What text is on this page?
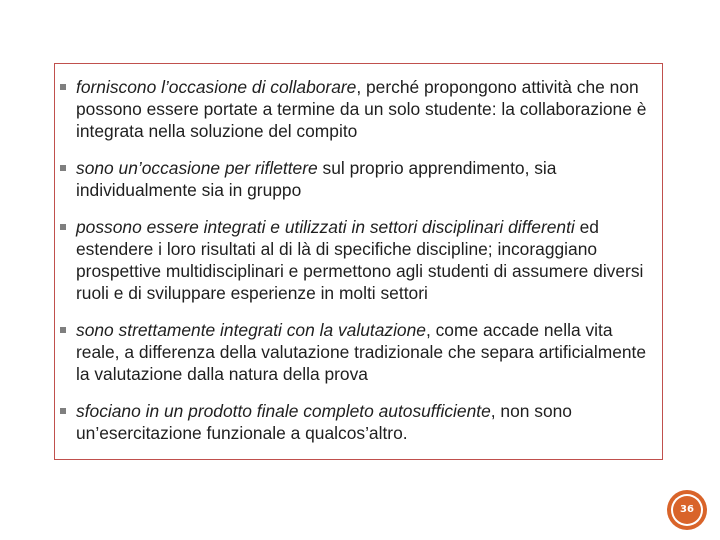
forniscono l’occasione di collaborare, perché propongono attività che non possono essere portate a termine da un solo studente: la collaborazione è integrata nella soluzione del compito
sono un’occasione per riflettere sul proprio apprendimento, sia individualmente sia in gruppo
possono essere integrati e utilizzati in settori disciplinari differenti ed estendere i loro risultati al di là di specifiche discipline; incoraggiano prospettive multidisciplinari e permettono agli studenti di assumere diversi ruoli e di sviluppare esperienze in molti settori
sono strettamente integrati con la valutazione, come accade nella vita reale, a differenza della valutazione tradizionale che separa artificialmente la valutazione dalla natura della prova
sfociano in un prodotto finale completo autosufficiente, non sono un’esercitazione funzionale a qualcos’altro.
36
